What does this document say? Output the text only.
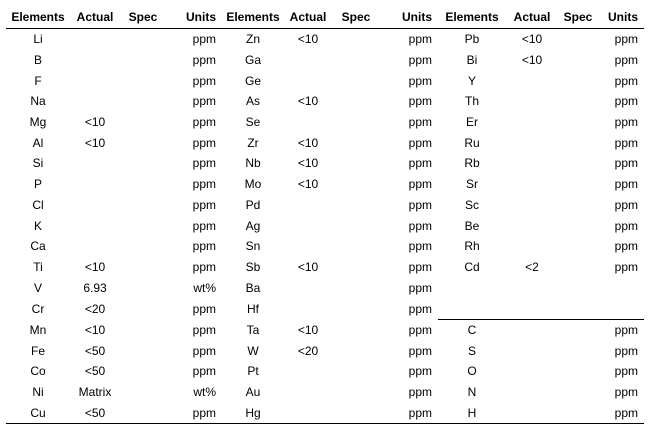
Elements	Actual	Spec	Units	Elements	Actual	Spec	Units	Elements	Actual	Spec	Units
Li			ppm	Zn	<10		ppm	Pb	<10		ppm
B			ppm	Ga			ppm	Bi	<10		ppm
F			ppm	Ge			ppm	Y			ppm
Na			ppm	As	<10		ppm	Th			ppm
Mg	<10		ppm	Se			ppm	Er			ppm
Al	<10		ppm	Zr	<10		ppm	Ru			ppm
Si			ppm	Nb	<10		ppm	Rb			ppm
P			ppm	Mo	<10		ppm	Sr			ppm
Cl			ppm	Pd			ppm	Sc			ppm
K			ppm	Ag			ppm	Be			ppm
Ca			ppm	Sn			ppm	Rh			ppm
Ti	<10		ppm	Sb	<10		ppm	Cd	<2		ppm
V	6.93		wt%	Ba			ppm				
Cr	<20		ppm	Hf			ppm				
Mn	<10		ppm	Ta	<10		ppm	C			ppm
Fe	<50		ppm	W	<20		ppm	S			ppm
Co	<50		ppm	Pt			ppm	O			ppm
Ni	Matrix		wt%	Au			ppm	N			ppm
Cu	<50		ppm	Hg			ppm	H			ppm
